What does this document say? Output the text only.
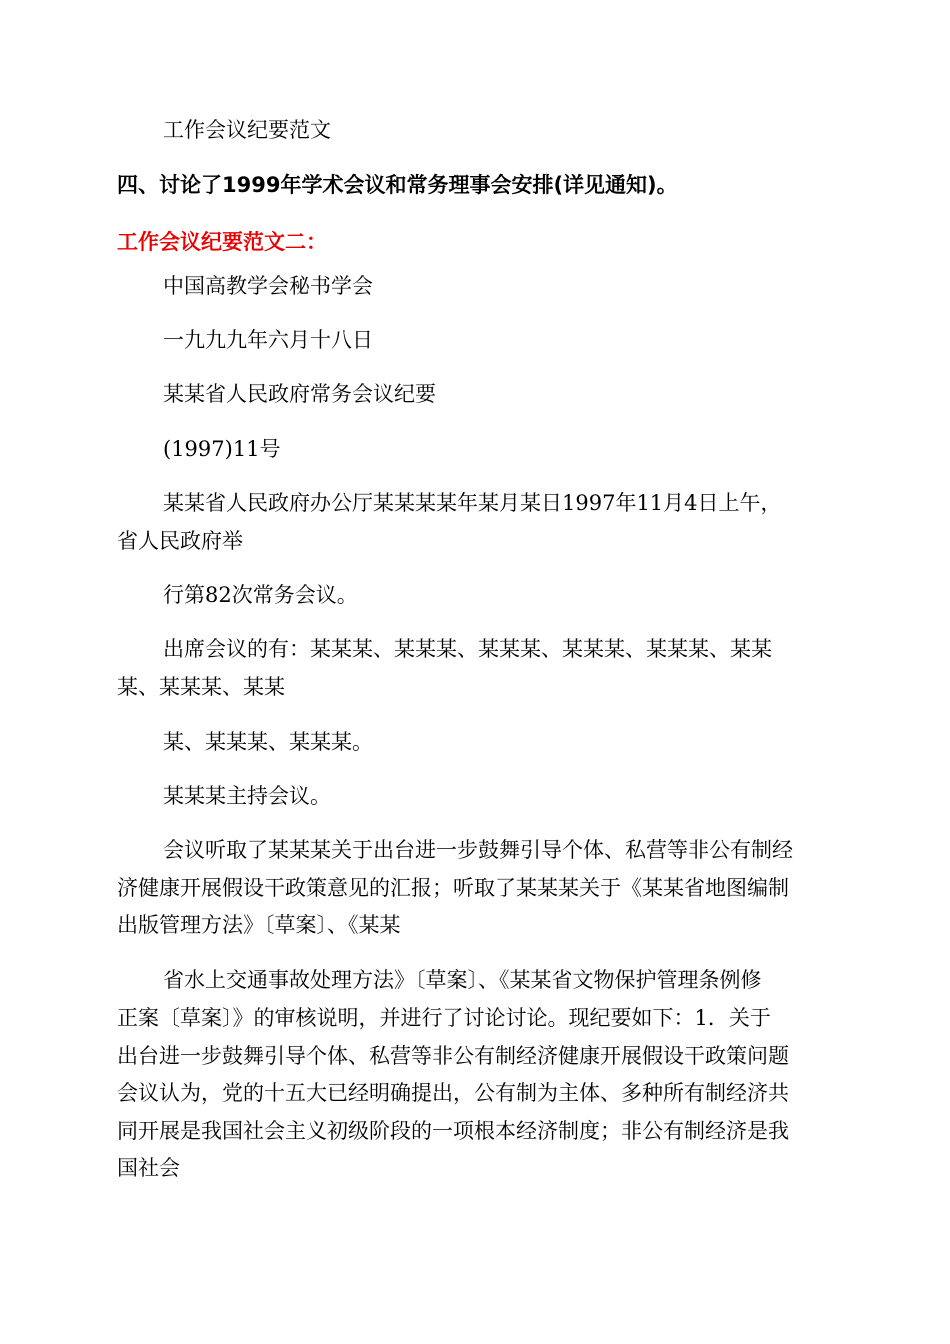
工作会议纪要范文
四、讨论了1999年学术会议和常务理事会安排(详见通知)。
工作会议纪要范文二：
中国高教学会秘书学会
一九九九年六月十八日
某某省人民政府常务会议纪要
(1997)11号
某某省人民政府办公厅某某某某年某月某日1997年11月4日上午，
省人民政府举
行第82次常务会议。
出席会议的有：某某某、某某某、某某某、某某某、某某某、某某
某、某某某、某某
某、某某某、某某某。
某某某主持会议。
会议听取了某某某关于出台进一步鼓舞引导个体、私营等非公有制经
济健康开展假设干政策意见的汇报；听取了某某某关于《某某省地图编制
出版管理方法》〔草案〕、《某某
省水上交通事故处理方法》〔草案〕、《某某省文物保护管理条例修
正案〔草案〕》的审核说明，并进行了讨论讨论。现纪要如下：1．关于
出台进一步鼓舞引导个体、私营等非公有制经济健康开展假设干政策问题
会议认为，党的十五大已经明确提出，公有制为主体、多种所有制经济共
同开展是我国社会主义初级阶段的一项根本经济制度；非公有制经济是我
国社会
